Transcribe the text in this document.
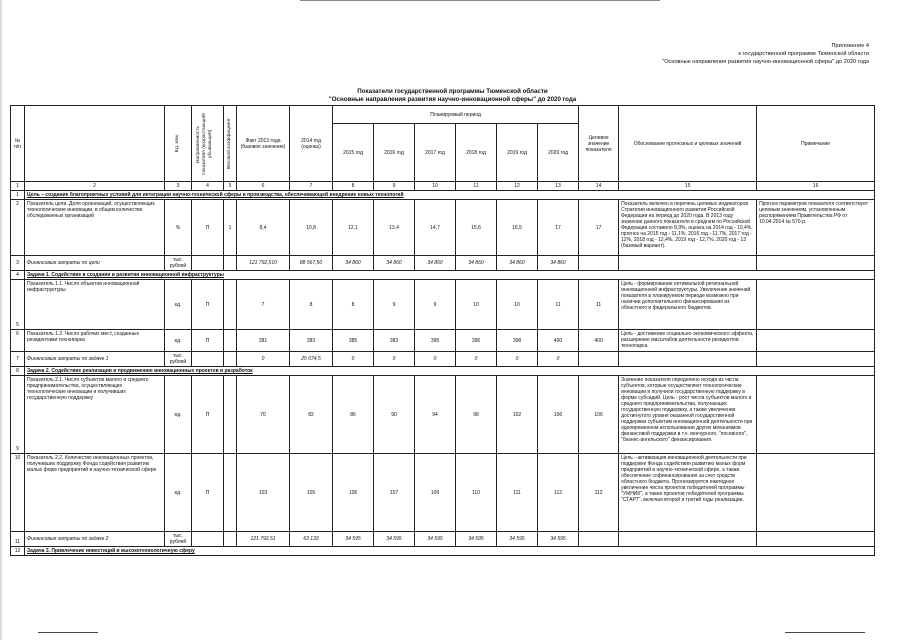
Приложение 4
к государственной программе Тюменской области
"Основные направления развития научно-инновационной сферы" до 2020 года
Показатели государственной программы Тюменской области
"Основные направления развития научно-инновационной сферы" до 2020 года
№ п/п		Ед. изм.	Направленность показателя (возрастающий/ убывающий)	Весовой коэффициент	Факт 2013 года (базовое значение)	2014 год (оценка)	Планируемый период						Целевое значение показателя	Обоснование прогнозных и целевых значений	Примечание
							2015 год	2016 год	2017 год	2018 год	2019 год	2020 год			
1	2	3	4	5	6	7	8	9	10	11	12	13	14	15	16
1	Цель – создание благоприятных условий для интеграции научно-технической сферы и производства, обеспечивающей внедрение новых технологий														
2	Показатель цели. Доля организаций, осуществляющих технологические инновации, в общем количестве обследованных организаций	%	П	1	8,4	10,8	12,1	13,4	14,7	15,6	16,5	17	17	Показатель включен в перечень целевых индикаторов Стратегии инновационного развития Российской Федерации на период до 2020 года. В 2013 году значение данного показателя в среднем по Российской Федерации составило 8,9%, оценка на 2014 год - 10,4%, прогноз на 2015 год - 11,1%, 2016 год - 11,7%, 2017 год - 12%, 2018 год - 12,4%, 2019 год - 12,7%, 2020 год - 13 (базовый вариант).	Прогноз параметров показателя соответствует целевым значениям, установленным распоряжением Правительства РФ от 10.04.2014 № 570-р.
3	Финансовые затраты по цели	тыс. рублей			121 792,510	88 567,50	34 860	34 860	34 860	34 860	34 860	34 860			
4	Задача 1. Содействие в создании и развитии инновационной инфраструктуры														
5	Показатель 1.1. Число объектов инновационной инфраструктуры	ед.	П		7	8	8	9	9	10	10	11	11	Цель - формирование оптимальной региональной инновационной инфраструктуры. Увеличение значений показателя в планируемом периоде возможно при наличии дополнительного финансирования из областного и федерального бюджетов.	
6	Показатель 1.2. Число рабочих мест, созданных резидентами технопарка	ед.	П		381	383	385	383	395	396	398	400	400	Цель - достижение социально-экономического эффекта, расширение масштабов деятельности резидентов технопарка.	
7	Финансовые затраты по задаче 1	тыс. рублей			0	25 074,5	0	0	0	0	0	0			
8	Задача 2. Содействие реализации и продвижению инновационных проектов и разработок														
9	Показатель 2.1. Число субъектов малого и среднего предпринимательства, осуществляющих технологические инновации и получивших государственную поддержку	ед.	П		70	82	86	90	94	98	102	106	106	Значение показателя определено исходя из числа субъектов, которые осуществляют технологические инновации и получили государственную поддержку в форме субсидий. Цель - рост числа субъектов малого и среднего предпринимательства, получающих государственную поддержку, а также увеличение достигнутого уровня оказанной государственной поддержки субъектам инновационной деятельности при одновременном использовании других механизмов финансовой поддержки в т.ч. венчурного, "посевного", "бизнес-ангельского" финансирования.	
10	Показатель 2.2. Количество инновационных проектов, получивших поддержку Фонда содействия развитию малых форм предприятий в научно-технической сфере	ед.	П		103	105	106	107	109	110	111	112	112	Цель - активизация инновационной деятельности при поддержке Фонда содействия развитию малых форм предприятий в научно-технической сфере, а также обеспечение софинансирования за счет средств областного бюджета. Прогнозируется ежегодное увеличение числа проектов победителей программы "УМНИК", а также проектов победителей программы "СТАРТ", включая второй и третий годы реализации.	
11	Финансовые затраты по задаче 2	тыс. рублей			121 792,51	63 133	34 595	34 595	34 595	34 595	34 595	34 595			
12	Задача 3. Привлечение инвестиций в высокотехнологичную сферу														
